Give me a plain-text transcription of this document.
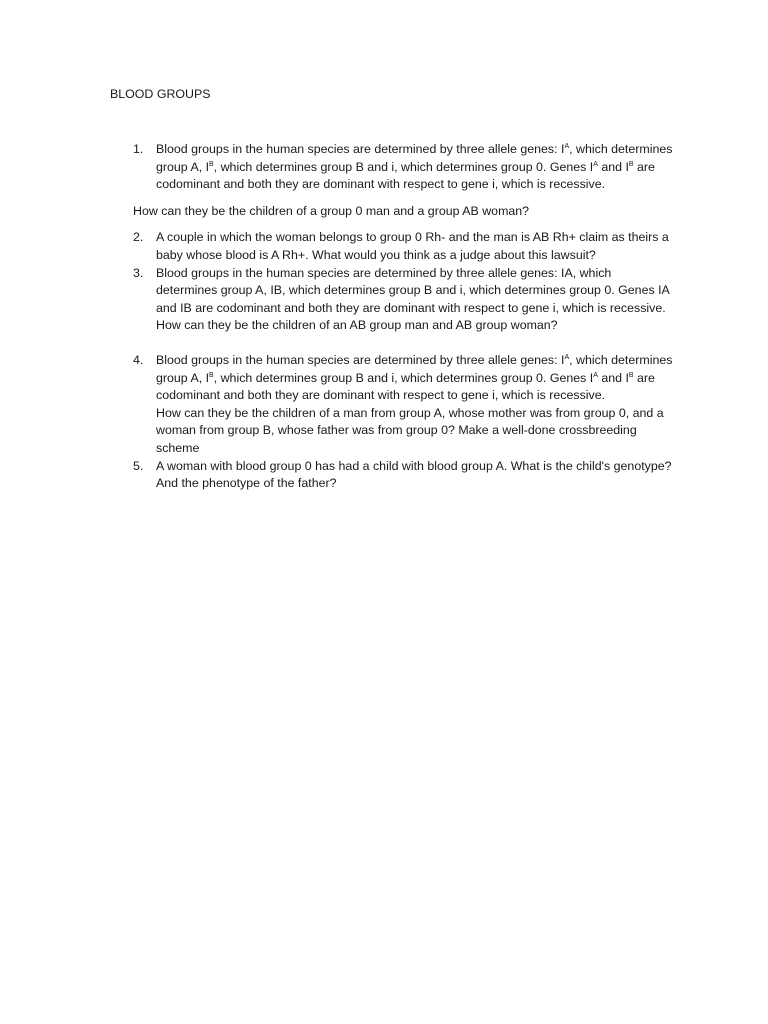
BLOOD GROUPS
1.	Blood groups in the human species are determined by three allele genes: $I^A$, which determines group A, $I^B$, which determines group B and i, which determines group 0. Genes $I^A$ and $I^B$ are codominant and both they are dominant with respect to gene i, which is recessive.

How can they be the children of a group 0 man and a group AB woman?

2.	A couple in which the woman belongs to group 0 Rh- and the man is AB Rh+ claim as theirs a baby whose blood is A Rh+. What would you think as a judge about this lawsuit?

3.	Blood groups in the human species are determined by three allele genes: IA, which determines group A, IB, which determines group B and i, which determines group 0. Genes IA and IB are codominant and both they are dominant with respect to gene i, which is recessive.

How can they be the children of an AB group man and AB group woman?

4.	Blood groups in the human species are determined by three allele genes: $I^A$, which determines group A, $I^B$, which determines group B and i, which determines group 0. Genes $I^A$ and $I^B$ are codominant and both they are dominant with respect to gene i, which is recessive.

How can they be the children of a man from group A, whose mother was from group 0, and a woman from group B, whose father was from group 0? Make a well-done crossbreeding scheme

5.	A woman with blood group 0 has had a child with blood group A. What is the child's genotype? And the phenotype of the father?
